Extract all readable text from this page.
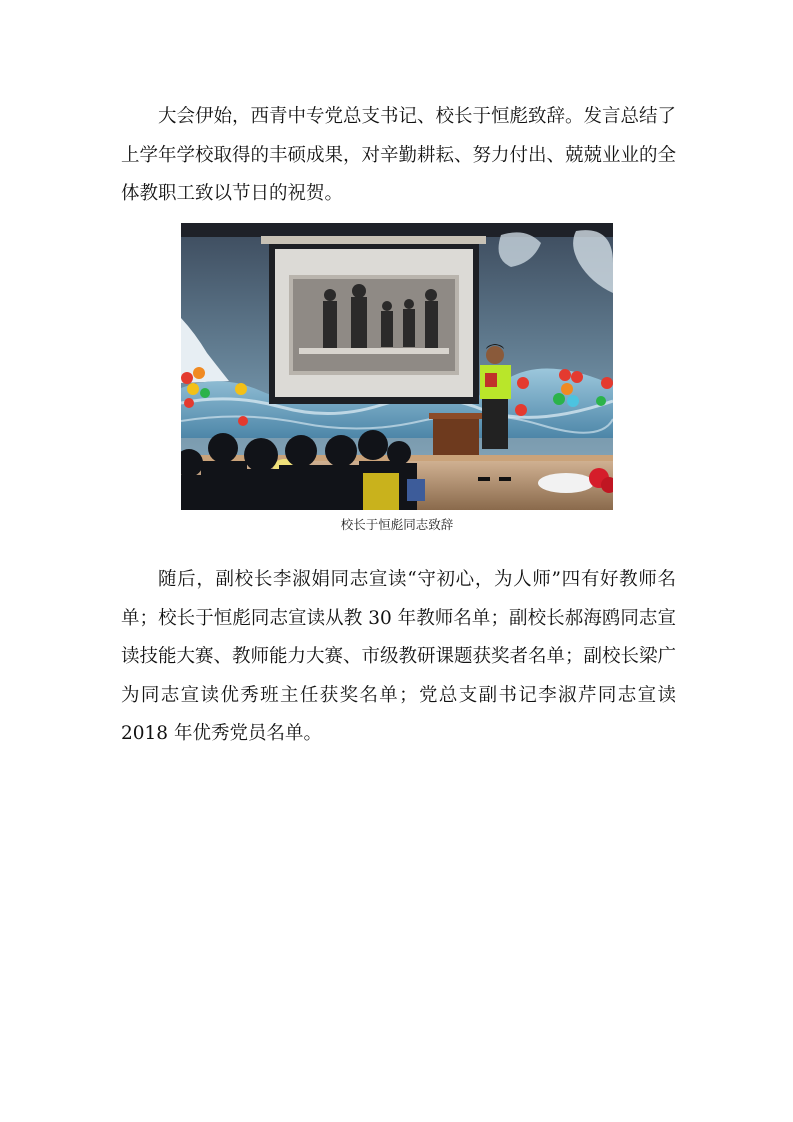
大会伊始，西青中专党总支书记、校长于恒彪致辞。发言总结了上学年学校取得的丰硕成果，对辛勤耕耘、努力付出、兢兢业业的全体教职工致以节日的祝贺。

校长于恒彪同志致辞

随后，副校长李淑娟同志宣读“守初心，为人师”四有好教师名单；校长于恒彪同志宣读从教 30 年教师名单；副校长郝海鸥同志宣读技能大赛、教师能力大赛、市级教研课题获奖者名单；副校长梁广为同志宣读优秀班主任获奖名单；党总支副书记李淑芹同志宣读 2018 年优秀党员名单。
